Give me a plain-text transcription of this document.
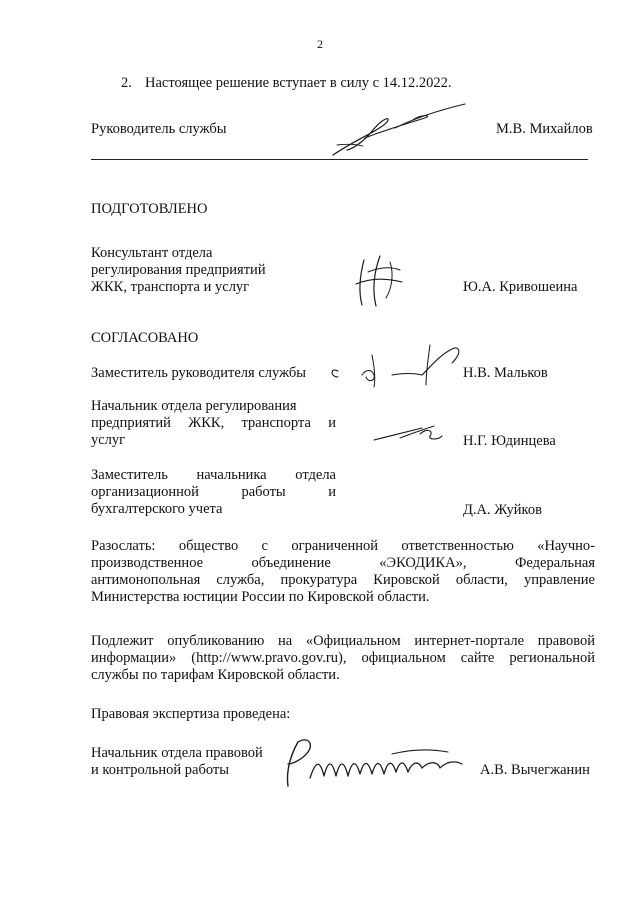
2
2. Настоящее решение вступает в силу с 14.12.2022.
Руководитель службы	М.В. Михайлов
ПОДГОТОВЛЕНО
Консультант отдела
регулирования предприятий
ЖКК, транспорта и услуг	Ю.А. Кривошеина
СОГЛАСОВАНО
Заместитель руководителя службы	Н.В. Мальков
Начальник отдела регулирования
предприятий ЖКК, транспорта и
услуг	Н.Г. Юдинцева
Заместитель начальника отдела
организационной работы и
бухгалтерского учета	Д.А. Жуйков
Разослать: общество с ограниченной ответственностью «Научно-
производственное объединение «ЭКОДИКА», Федеральная
антимонопольная служба, прокуратура Кировской области, управление
Министерства юстиции России по Кировской области.
Подлежит опубликованию на «Официальном интернет-портале правовой
информации» (http://www.pravo.gov.ru), официальном сайте региональной
службы по тарифам Кировской области.
Правовая экспертиза проведена:
Начальник отдела правовой
и контрольной работы	А.В. Вычегжанин
